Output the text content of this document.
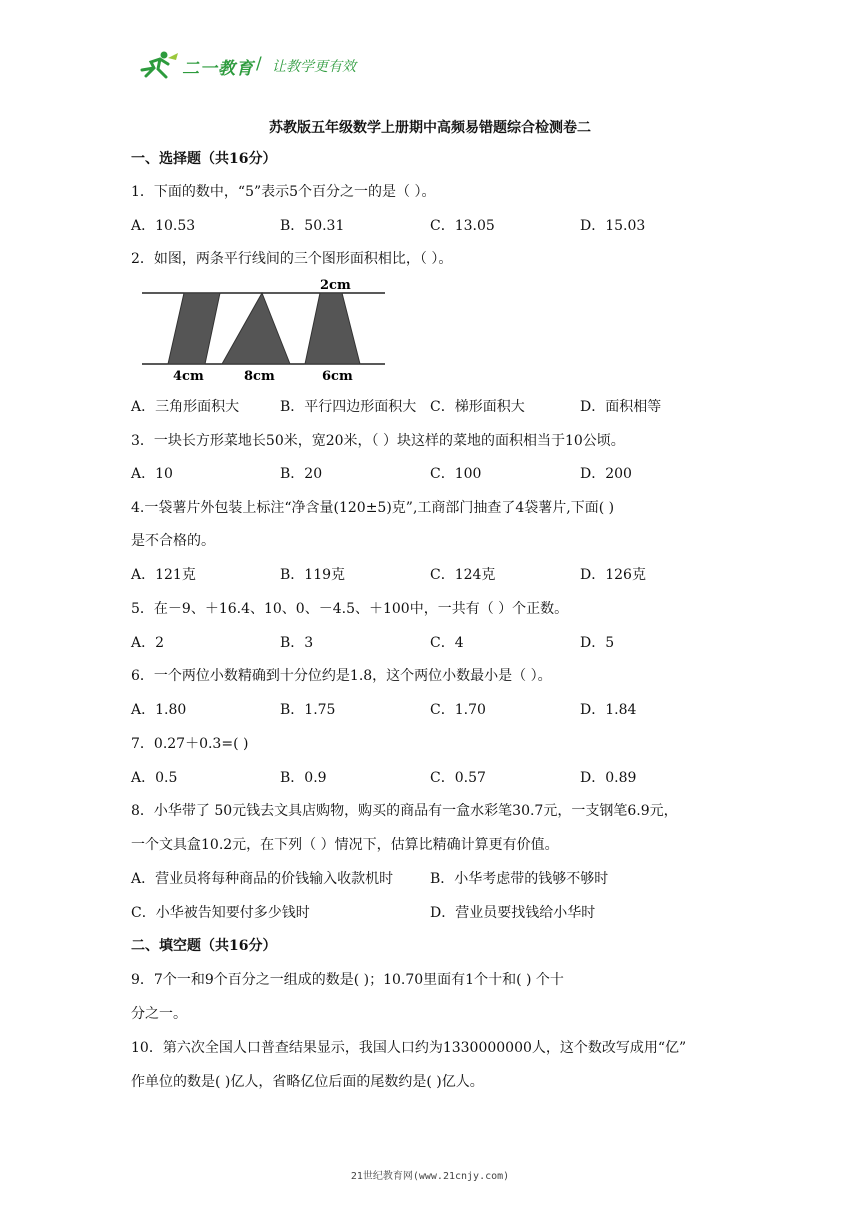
二一教育 / 让教学更有效
苏教版五年级数学上册期中高频易错题综合检测卷二
一、选择题（共16分）
1．下面的数中，“5”表示5个百分之一的是（ ）。
A．10.53	B．50.31	C．13.05	D．15.03
2．如图，两条平行线间的三个图形面积相比，（ ）。
2cm
4cm	8cm	6cm
A．三角形面积大	B．平行四边形面积大 C．梯形面积大	D．面积相等
3．一块长方形菜地长50米，宽20米，（ ）块这样的菜地的面积相当于10公顷。
A．10	B．20	C．100	D．200
4.一袋薯片外包装上标注“净含量(120±5)克”,工商部门抽查了4袋薯片,下面( )
是不合格的。
A．121克	B．119克	C．124克	D．126克
5．在－9、＋16.4、10、0、－4.5、＋100中，一共有（ ）个正数。
A．2	B．3	C．4	D．5
6．一个两位小数精确到十分位约是1.8，这个两位小数最小是（ ）。
A．1.80	B．1.75	C．1.70	D．1.84
7．0.27＋0.3=( )
A．0.5	B．0.9	C．0.57	D．0.89
8．小华带了 50元钱去文具店购物，购买的商品有一盒水彩笔30.7元，一支钢笔6.9元，
一个文具盒10.2元，在下列（ ）情况下，估算比精确计算更有价值。
A．营业员将每种商品的价钱输入收款机时	B．小华考虑带的钱够不够时
C．小华被告知要付多少钱时	D．营业员要找钱给小华时
二、填空题（共16分）
9．7个一和9个百分之一组成的数是( )；10.70里面有1个十和( ) 个十
分之一。
10．第六次全国人口普查结果显示，我国人口约为1330000000人，这个数改写成用“亿”
作单位的数是( )亿人，省略亿位后面的尾数约是( )亿人。
21世纪教育网(www.21cnjy.com)
